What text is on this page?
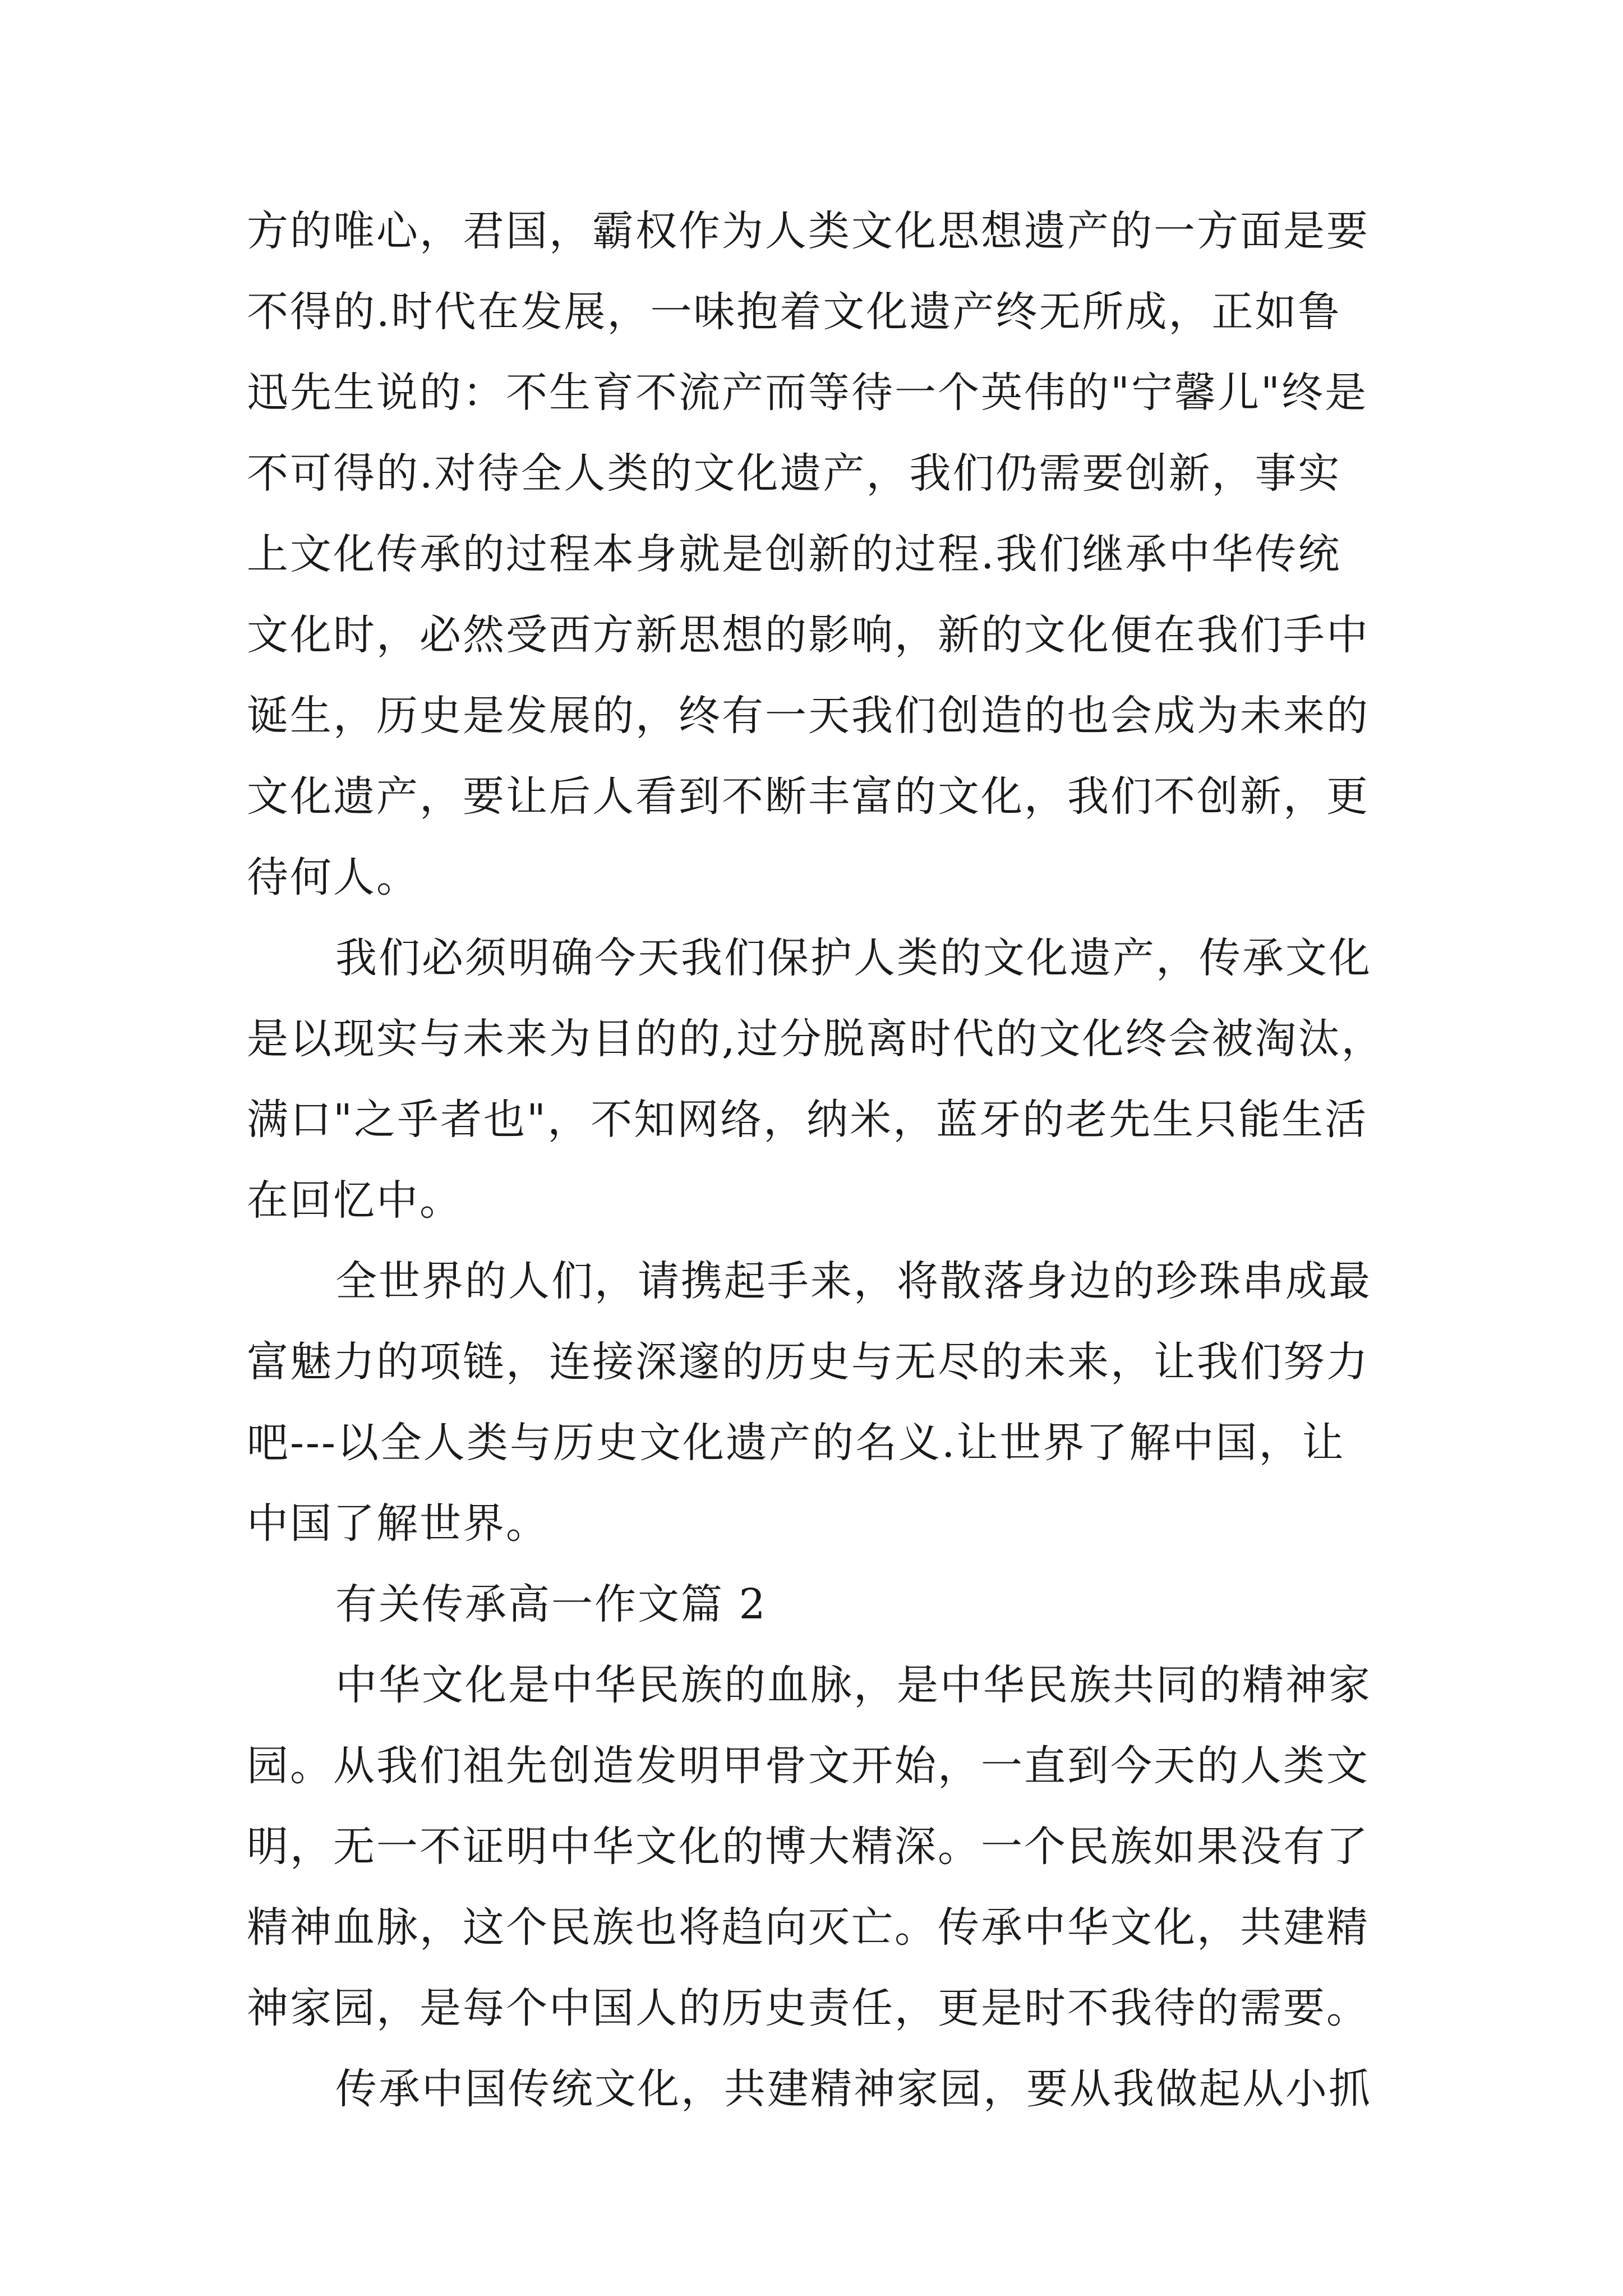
方的唯心，君国，霸权作为人类文化思想遗产的一方面是要

不得的.时代在发展，一味抱着文化遗产终无所成，正如鲁

迅先生说的：不生育不流产而等待一个英伟的"宁馨儿"终是

不可得的.对待全人类的文化遗产，我们仍需要创新，事实

上文化传承的过程本身就是创新的过程.我们继承中华传统

文化时，必然受西方新思想的影响，新的文化便在我们手中

诞生，历史是发展的，终有一天我们创造的也会成为未来的

文化遗产，要让后人看到不断丰富的文化，我们不创新，更

待何人。

我们必须明确今天我们保护人类的文化遗产，传承文化

是以现实与未来为目的的,过分脱离时代的文化终会被淘汰，

满口"之乎者也"，不知网络，纳米，蓝牙的老先生只能生活

在回忆中。

全世界的人们，请携起手来，将散落身边的珍珠串成最

富魅力的项链，连接深邃的历史与无尽的未来，让我们努力

吧---以全人类与历史文化遗产的名义.让世界了解中国，让

中国了解世界。

有关传承高一作文篇 2

中华文化是中华民族的血脉，是中华民族共同的精神家

园。从我们祖先创造发明甲骨文开始，一直到今天的人类文

明，无一不证明中华文化的博大精深。一个民族如果没有了

精神血脉，这个民族也将趋向灭亡。传承中华文化，共建精

神家园，是每个中国人的历史责任，更是时不我待的需要。

传承中国传统文化，共建精神家园，要从我做起从小抓
